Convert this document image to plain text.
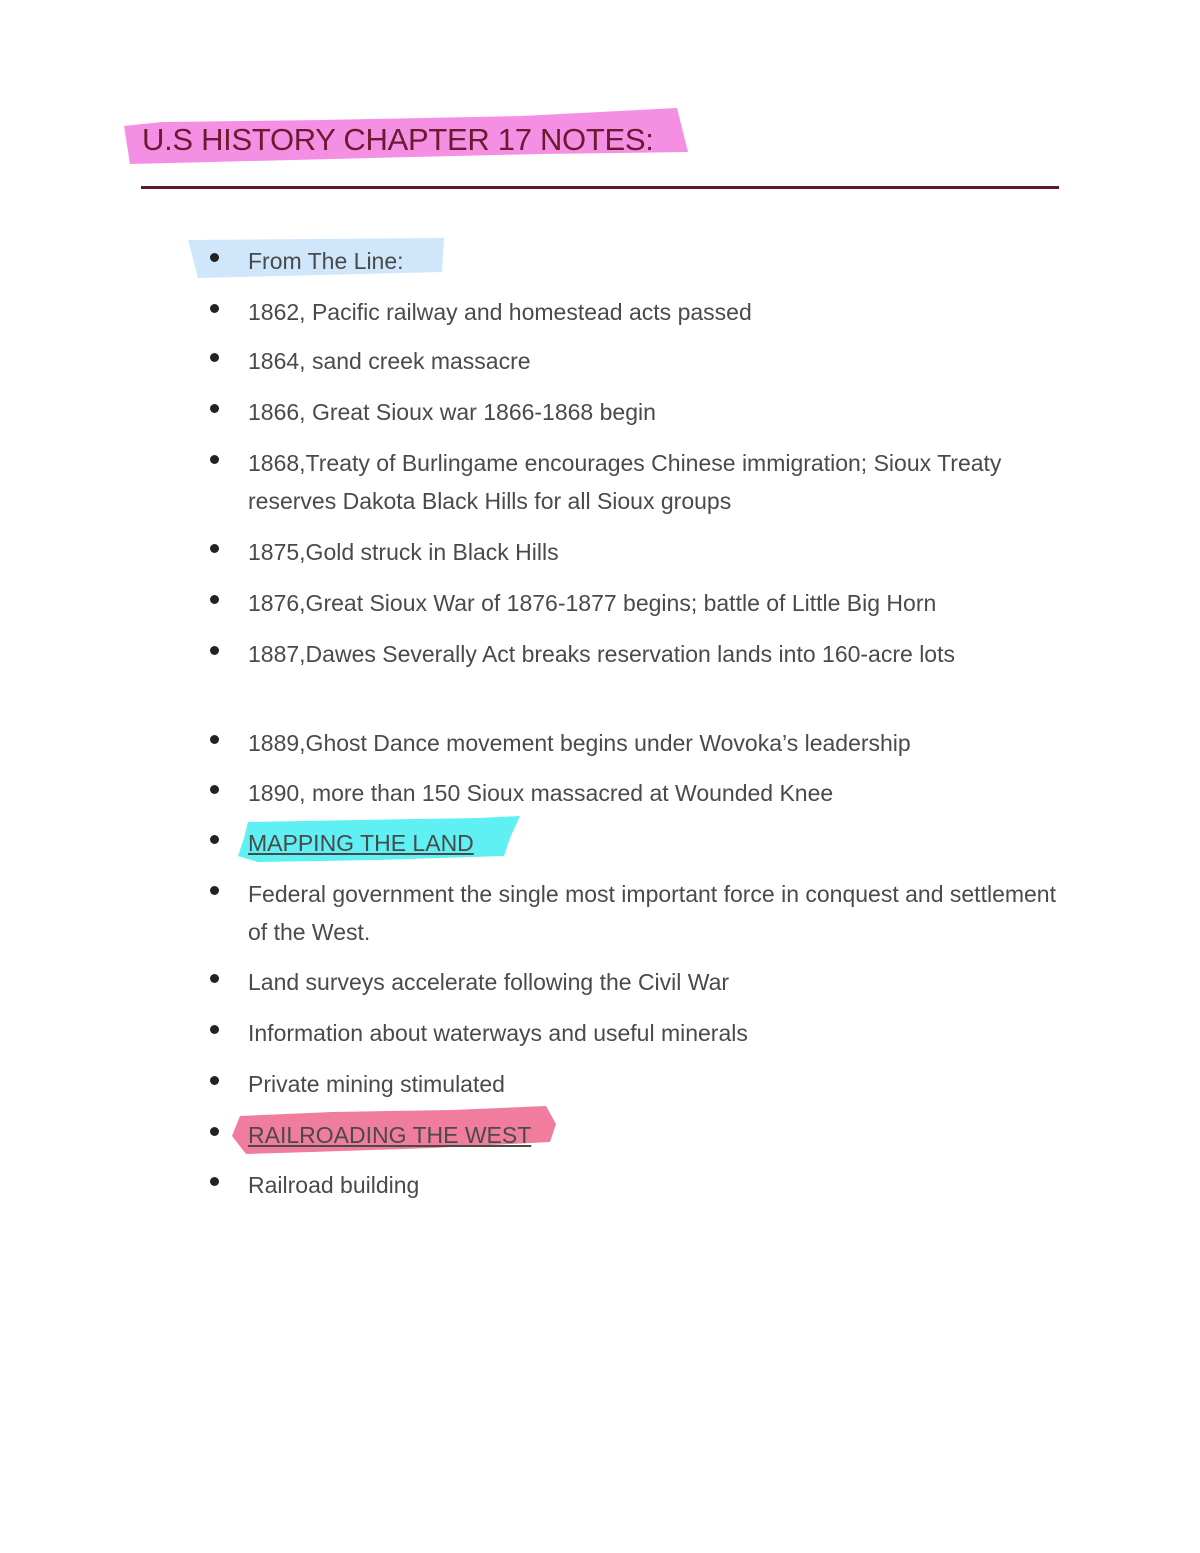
U.S HISTORY CHAPTER 17 NOTES:
From The Line:
1862, Pacific railway and homestead acts passed
1864, sand creek massacre
1866, Great Sioux war 1866-1868 begin
1868,Treaty of Burlingame encourages Chinese immigration; Sioux Treaty reserves Dakota Black Hills for all Sioux groups
1875,Gold struck in Black Hills
1876,Great Sioux War of 1876-1877 begins; battle of Little Big Horn
1887,Dawes Severally Act breaks reservation lands into 160-acre lots
1889,Ghost Dance movement begins under Wovoka’s leadership
1890, more than 150 Sioux massacred at Wounded Knee
MAPPING THE LAND
Federal government the single most important force in conquest and settlement of the West.
Land surveys accelerate following the Civil War
Information about waterways and useful minerals
Private mining stimulated
RAILROADING THE WEST
Railroad building
